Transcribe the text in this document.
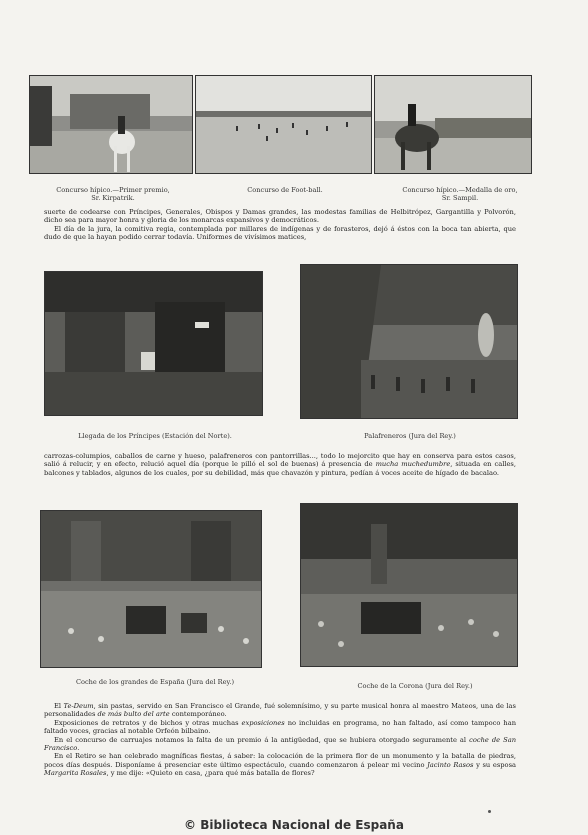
Concurso hípico.—Primer premio,
Sr. Kirpatrik.
Concurso de Foot-ball.	Concurso hípico.—Medalla de oro,
Sr. Sampil.

suerte de codearse con Príncipes, Generales, Obispos y Damas grandes, las modestas familias de Helbitrópez, Gargantilla y Polvorón, dicho sea para mayor honra y gloria de los monarcas expansivos y democráticos.

El día de la jura, la comitiva regia, contemplada por millares de indígenas y de forasteros, dejó á éstos con la boca tan abierta, que dudo de que la hayan podido cerrar todavía. Uniformes de vivísimos matices,

Llegada de los Príncipes (Estación del Norte).	Palafreneros (Jura del Rey.)

carrozas-columpios, caballos de carne y hueso, palafreneros con pantorrillas..., todo lo mejorcito que hay en conserva para estos casos, salió á relucir, y en efecto, relució aquel día (porque le pilló el sol de buenas) á presencia de mucha muchedumbre, situada en calles, balcones y tablados, algunos de los cuales, por su debilidad, más que chavazón y pintura, pedían á voces aceite de hígado de bacalao.

Coche de los grandes de España (Jura del Rey.)	Coche de la Corona (Jura del Rey.)

El Te-Deum, sin pastas, servido en San Francisco el Grande, fué solemnísimo, y su parte musical honra al maestro Mateos, una de las personalidades de más bulto del arte contemporáneo.

Exposiciones de retratos y de bichos y otras muchas exposiciones no incluidas en programa, no han faltado, así como tampoco han faltado voces, gracias al notable Orfeón bilbaino.

En el concurso de carruajes notamos la falta de un premio á la antigüedad, que se hubiera otorgado seguramente al coche de San Francisco.

En el Retiro se han celebrado magníficas fiestas, á saber: la colocación de la primera flor de un monumento y la batalla de piedras, pocos días después. Disponíame á presenciar este último espectáculo, cuando comenzaron á pelear mi vecino Jacinto Rasos y su esposa Margarita Rosales, y me dije: «Quieto en casa, ¿para qué más batalla de flores?

© Biblioteca Nacional de España
